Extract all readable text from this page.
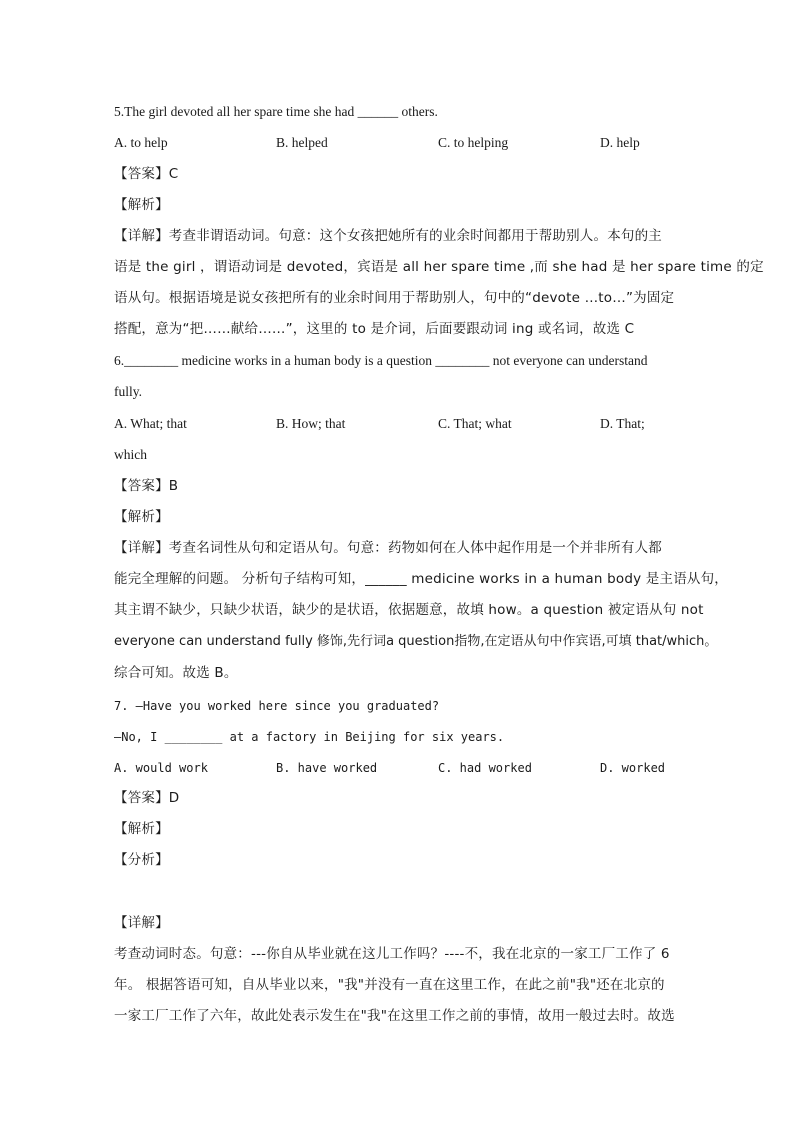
5.The girl devoted all her spare time she had ______ others.
A. to help	B. helped	C. to helping	D. help
【答案】C
【解析】
【详解】考查非谓语动词。句意：这个女孩把她所有的业余时间都用于帮助别人。本句的主
语是 the girl ，谓语动词是 devoted，宾语是 all her spare time ,而 she had 是 her spare time 的定
语从句。根据语境是说女孩把所有的业余时间用于帮助别人，句中的“devote …to…”为固定
搭配，意为“把……献给……”，这里的 to 是介词，后面要跟动词 ing 或名词，故选 C
6.________ medicine works in a human body is a question ________ not everyone can understand
fully.
A. What; that	B. How; that	C. That; what	D. That;
which
【答案】B
【解析】
【详解】考查名词性从句和定语从句。句意：药物如何在人体中起作用是一个并非所有人都
能完全理解的问题。 分析句子结构可知，______ medicine works in a human body 是主语从句，
其主谓不缺少，只缺少状语，缺少的是状语，依据题意，故填 how。a question 被定语从句 not
everyone can understand fully 修饰,先行词a question指物,在定语从句中作宾语,可填 that/which。
综合可知。故选 B。
7. —Have you worked here since you graduated?
—No, I ________ at a factory in Beijing for six years.
A. would work	B. have worked	C. had worked	D. worked
【答案】D
【解析】
【分析】
【详解】
考查动词时态。句意：---你自从毕业就在这儿工作吗？----不，我在北京的一家工厂工作了 6
年。 根据答语可知，自从毕业以来，"我"并没有一直在这里工作，在此之前"我"还在北京的
一家工厂工作了六年，故此处表示发生在"我"在这里工作之前的事情，故用一般过去时。故选
